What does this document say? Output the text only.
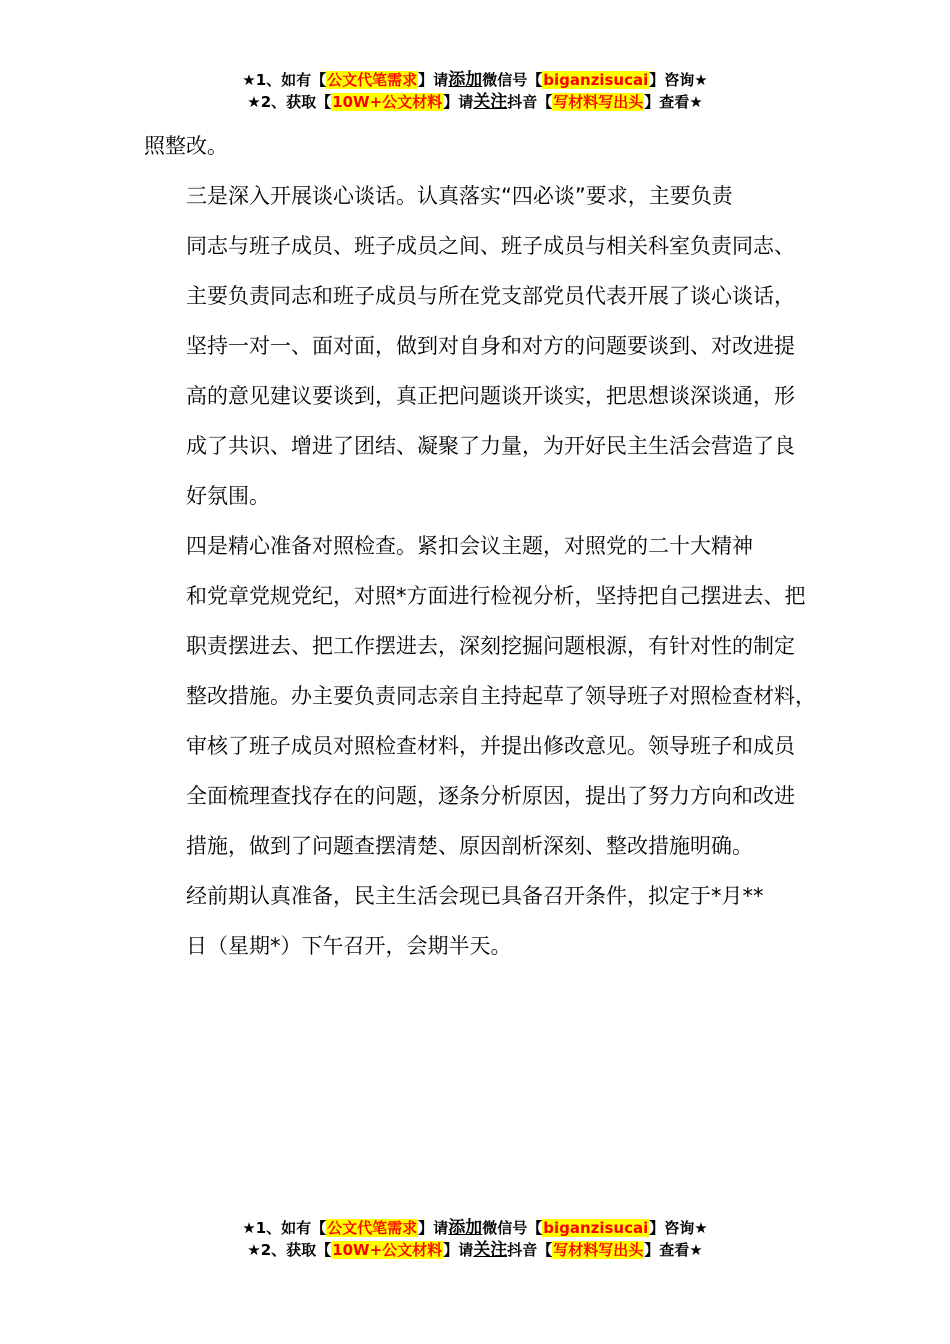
★1、如有【公文代笔需求】请添加微信号【biganzisucai】咨询★
★2、获取【10W+公文材料】请关注抖音【写材料写出头】查看★

照整改。

三是深入开展谈心谈话。认真落实“四必谈”要求，主要负责
同志与班子成员、班子成员之间、班子成员与相关科室负责同志、
主要负责同志和班子成员与所在党支部党员代表开展了谈心谈话，
坚持一对一、面对面，做到对自身和对方的问题要谈到、对改进提
高的意见建议要谈到，真正把问题谈开谈实，把思想谈深谈通，形
成了共识、增进了团结、凝聚了力量，为开好民主生活会营造了良
好氛围。

四是精心准备对照检查。紧扣会议主题，对照党的二十大精神
和党章党规党纪，对照*方面进行检视分析，坚持把自己摆进去、把
职责摆进去、把工作摆进去，深刻挖掘问题根源，有针对性的制定
整改措施。办主要负责同志亲自主持起草了领导班子对照检查材料，
审核了班子成员对照检查材料，并提出修改意见。领导班子和成员
全面梳理查找存在的问题，逐条分析原因，提出了努力方向和改进
措施，做到了问题查摆清楚、原因剖析深刻、整改措施明确。

经前期认真准备，民主生活会现已具备召开条件，拟定于*月**
日（星期*）下午召开，会期半天。

★1、如有【公文代笔需求】请添加微信号【biganzisucai】咨询★
★2、获取【10W+公文材料】请关注抖音【写材料写出头】查看★
